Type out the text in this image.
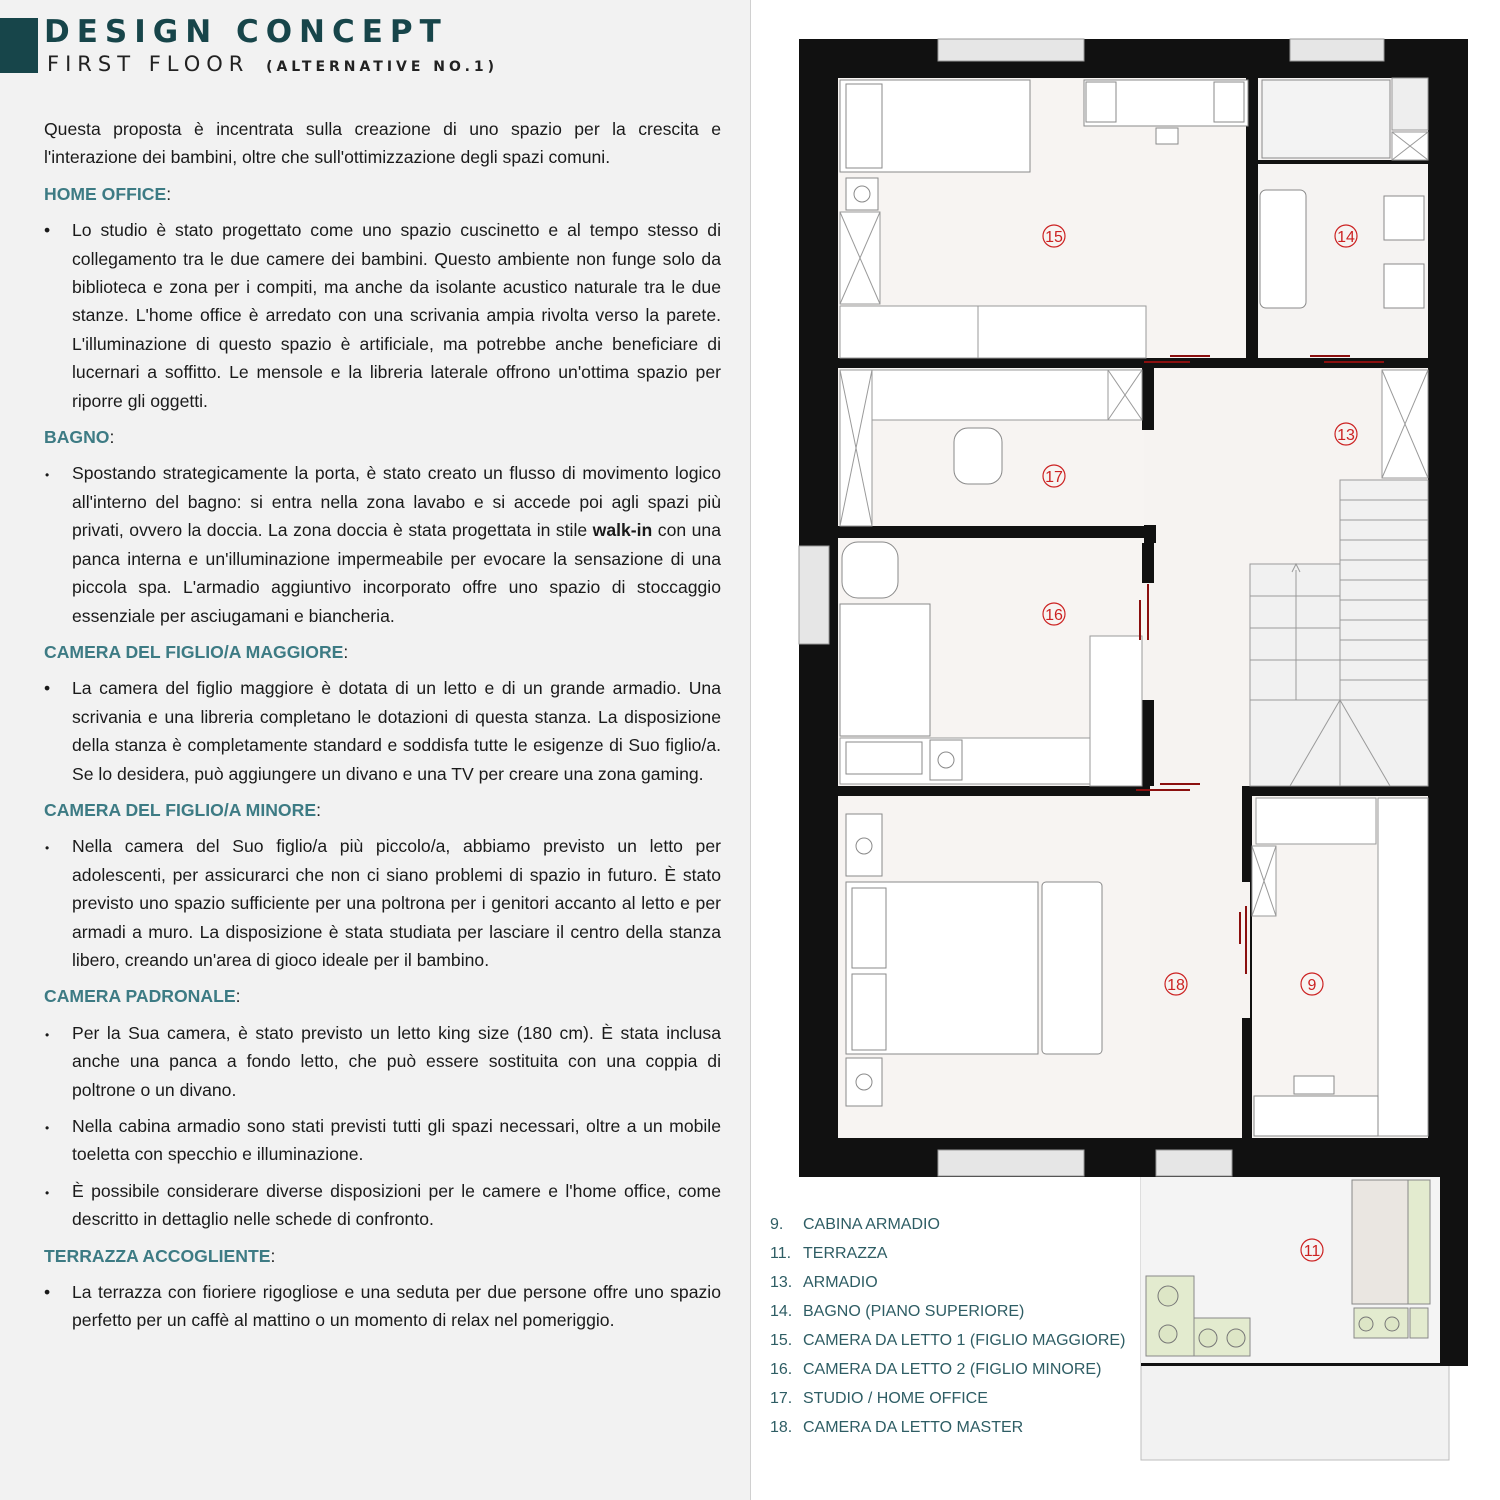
DESIGN CONCEPT
FIRST FLOOR (ALTERNATIVE NO.1)

Questa proposta è incentrata sulla creazione di uno spazio per la crescita e l'interazione dei bambini, oltre che sull'ottimizzazione degli spazi comuni.

HOME OFFICE:

• Lo studio è stato progettato come uno spazio cuscinetto e al tempo stesso di collegamento tra le due camere dei bambini. Questo ambiente non funge solo da biblioteca e zona per i compiti, ma anche da isolante acustico naturale tra le due stanze. L'home office è arredato con una scrivania ampia rivolta verso la parete. L'illuminazione di questo spazio è artificiale, ma potrebbe anche beneficiare di lucernari a soffitto. Le mensole e la libreria laterale offrono un'ottima spazio per riporre gli oggetti.

BAGNO:

• Spostando strategicamente la porta, è stato creato un flusso di movimento logico all'interno del bagno: si entra nella zona lavabo e si accede poi agli spazi più privati, ovvero la doccia. La zona doccia è stata progettata in stile walk-in con una panca interna e un'illuminazione impermeabile per evocare la sensazione di una piccola spa. L'armadio aggiuntivo incorporato offre uno spazio di stoccaggio essenziale per asciugamani e biancheria.

CAMERA DEL FIGLIO/A MAGGIORE:

• La camera del figlio maggiore è dotata di un letto e di un grande armadio. Una scrivania e una libreria completano le dotazioni di questa stanza. La disposizione della stanza è completamente standard e soddisfa tutte le esigenze di Suo figlio/a. Se lo desidera, può aggiungere un divano e una TV per creare una zona gaming.

CAMERA DEL FIGLIO/A MINORE:

• Nella camera del Suo figlio/a più piccolo/a, abbiamo previsto un letto per adolescenti, per assicurarci che non ci siano problemi di spazio in futuro. È stato previsto uno spazio sufficiente per una poltrona per i genitori accanto al letto e per armadi a muro. La disposizione è stata studiata per lasciare il centro della stanza libero, creando un'area di gioco ideale per il bambino.

CAMERA PADRONALE:

• Per la Sua camera, è stato previsto un letto king size (180 cm). È stata inclusa anche una panca a fondo letto, che può essere sostituita con una coppia di poltrone o un divano.

• Nella cabina armadio sono stati previsti tutti gli spazi necessari, oltre a un mobile toeletta con specchio e illuminazione.

• È possibile considerare diverse disposizioni per le camere e l'home office, come descritto in dettaglio nelle schede di confronto.

TERRAZZA ACCOGLIENTE:

• La terrazza con fioriere rigogliose e una seduta per due persone offre uno spazio perfetto per un caffè al mattino o un momento di relax nel pomeriggio.

15	14
13
17
16
18	9
11
9. CABINA ARMADIO
11. TERRAZZA
13. ARMADIO
14. BAGNO (PIANO SUPERIORE)
15. CAMERA DA LETTO 1 (FIGLIO MAGGIORE)
16. CAMERA DA LETTO 2 (FIGLIO MINORE)
17. STUDIO / HOME OFFICE
18. CAMERA DA LETTO MASTER
